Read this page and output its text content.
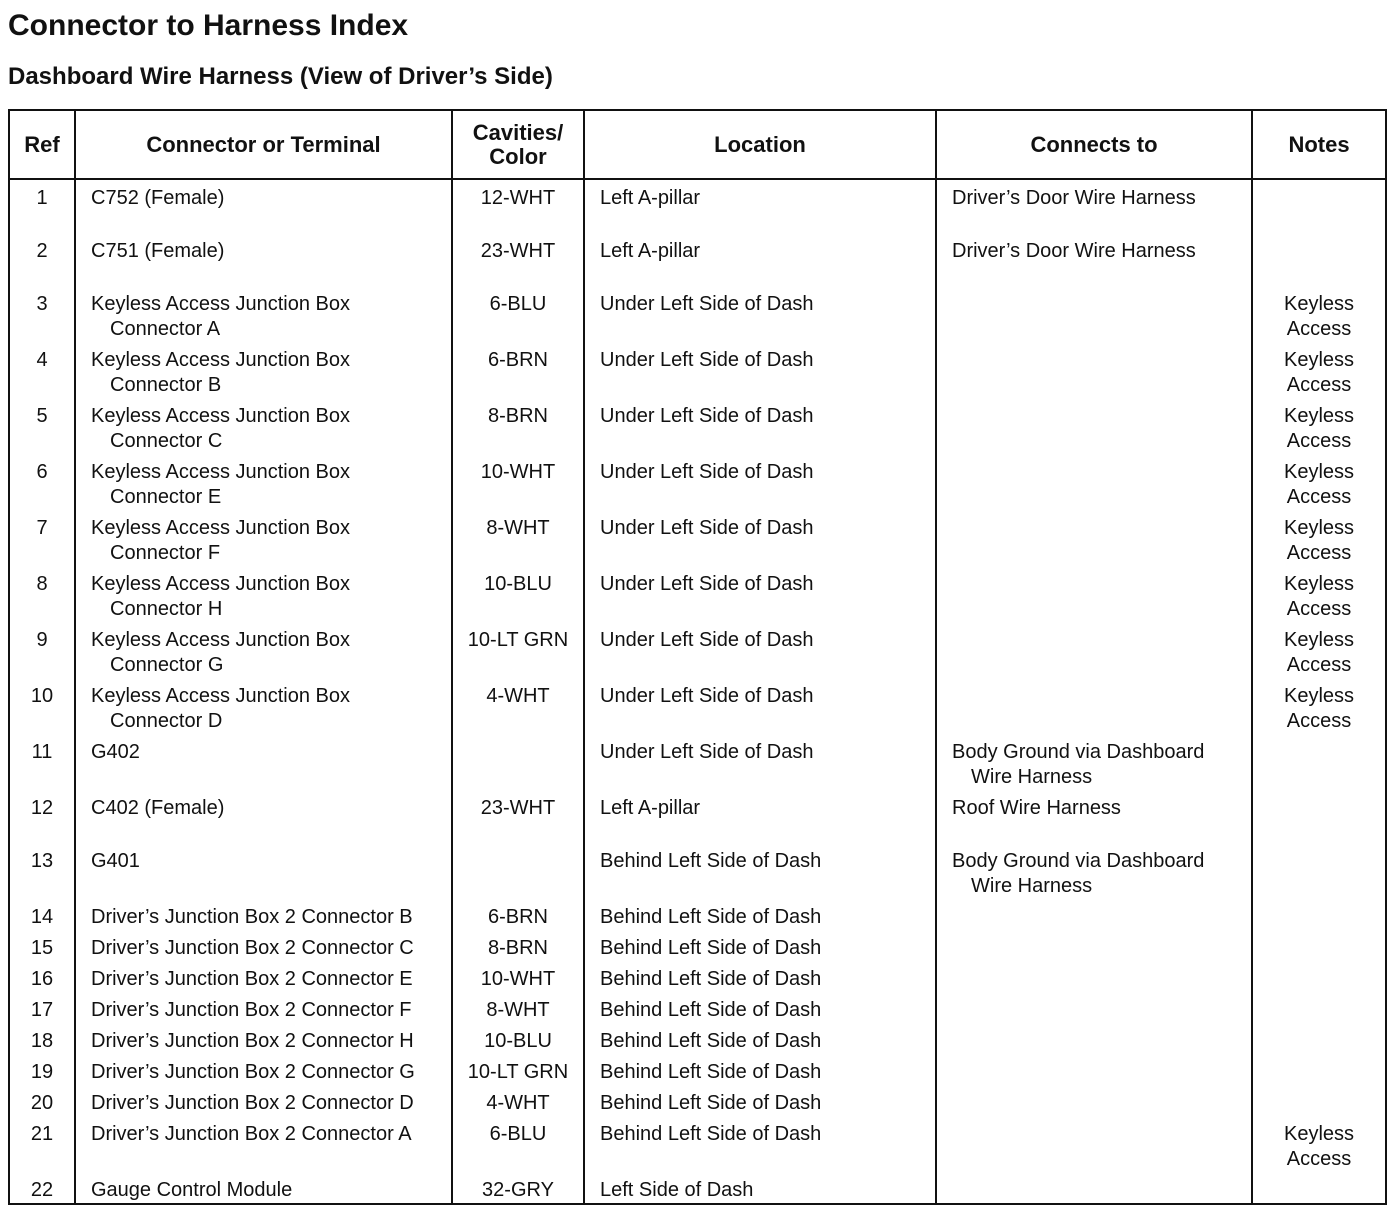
Connector to Harness Index
Dashboard Wire Harness (View of Driver’s Side)
Ref	Connector or Terminal	Cavities/
Color	Location	Connects to	Notes
1	C752 (Female)	12-WHT	Left A-pillar	Driver’s Door Wire Harness	

2	C751 (Female)	23-WHT	Left A-pillar	Driver’s Door Wire Harness	

3	Keyless Access Junction Box
Connector A	6-BLU	Under Left Side of Dash		Keyless
Access

4	Keyless Access Junction Box
Connector B	6-BRN	Under Left Side of Dash		Keyless
Access

5	Keyless Access Junction Box
Connector C	8-BRN	Under Left Side of Dash		Keyless
Access

6	Keyless Access Junction Box
Connector E	10-WHT	Under Left Side of Dash		Keyless
Access

7	Keyless Access Junction Box
Connector F	8-WHT	Under Left Side of Dash		Keyless
Access

8	Keyless Access Junction Box
Connector H	10-BLU	Under Left Side of Dash		Keyless
Access

9	Keyless Access Junction Box
Connector G	10-LT GRN	Under Left Side of Dash		Keyless
Access

10	Keyless Access Junction Box
Connector D	4-WHT	Under Left Side of Dash		Keyless
Access

11	G402		Under Left Side of Dash	Body Ground via Dashboard
Wire Harness	

12	C402 (Female)	23-WHT	Left A-pillar	Roof Wire Harness	

13	G401		Behind Left Side of Dash	Body Ground via Dashboard
Wire Harness	

14	Driver’s Junction Box 2 Connector B	6-BRN	Behind Left Side of Dash		
15	Driver’s Junction Box 2 Connector C	8-BRN	Behind Left Side of Dash		
16	Driver’s Junction Box 2 Connector E	10-WHT	Behind Left Side of Dash		
17	Driver’s Junction Box 2 Connector F	8-WHT	Behind Left Side of Dash		
18	Driver’s Junction Box 2 Connector H	10-BLU	Behind Left Side of Dash		
19	Driver’s Junction Box 2 Connector G	10-LT GRN	Behind Left Side of Dash		
20	Driver’s Junction Box 2 Connector D	4-WHT	Behind Left Side of Dash		
21	Driver’s Junction Box 2 Connector A	6-BLU	Behind Left Side of Dash		Keyless
Access

22	Gauge Control Module	32-GRY	Left Side of Dash		
